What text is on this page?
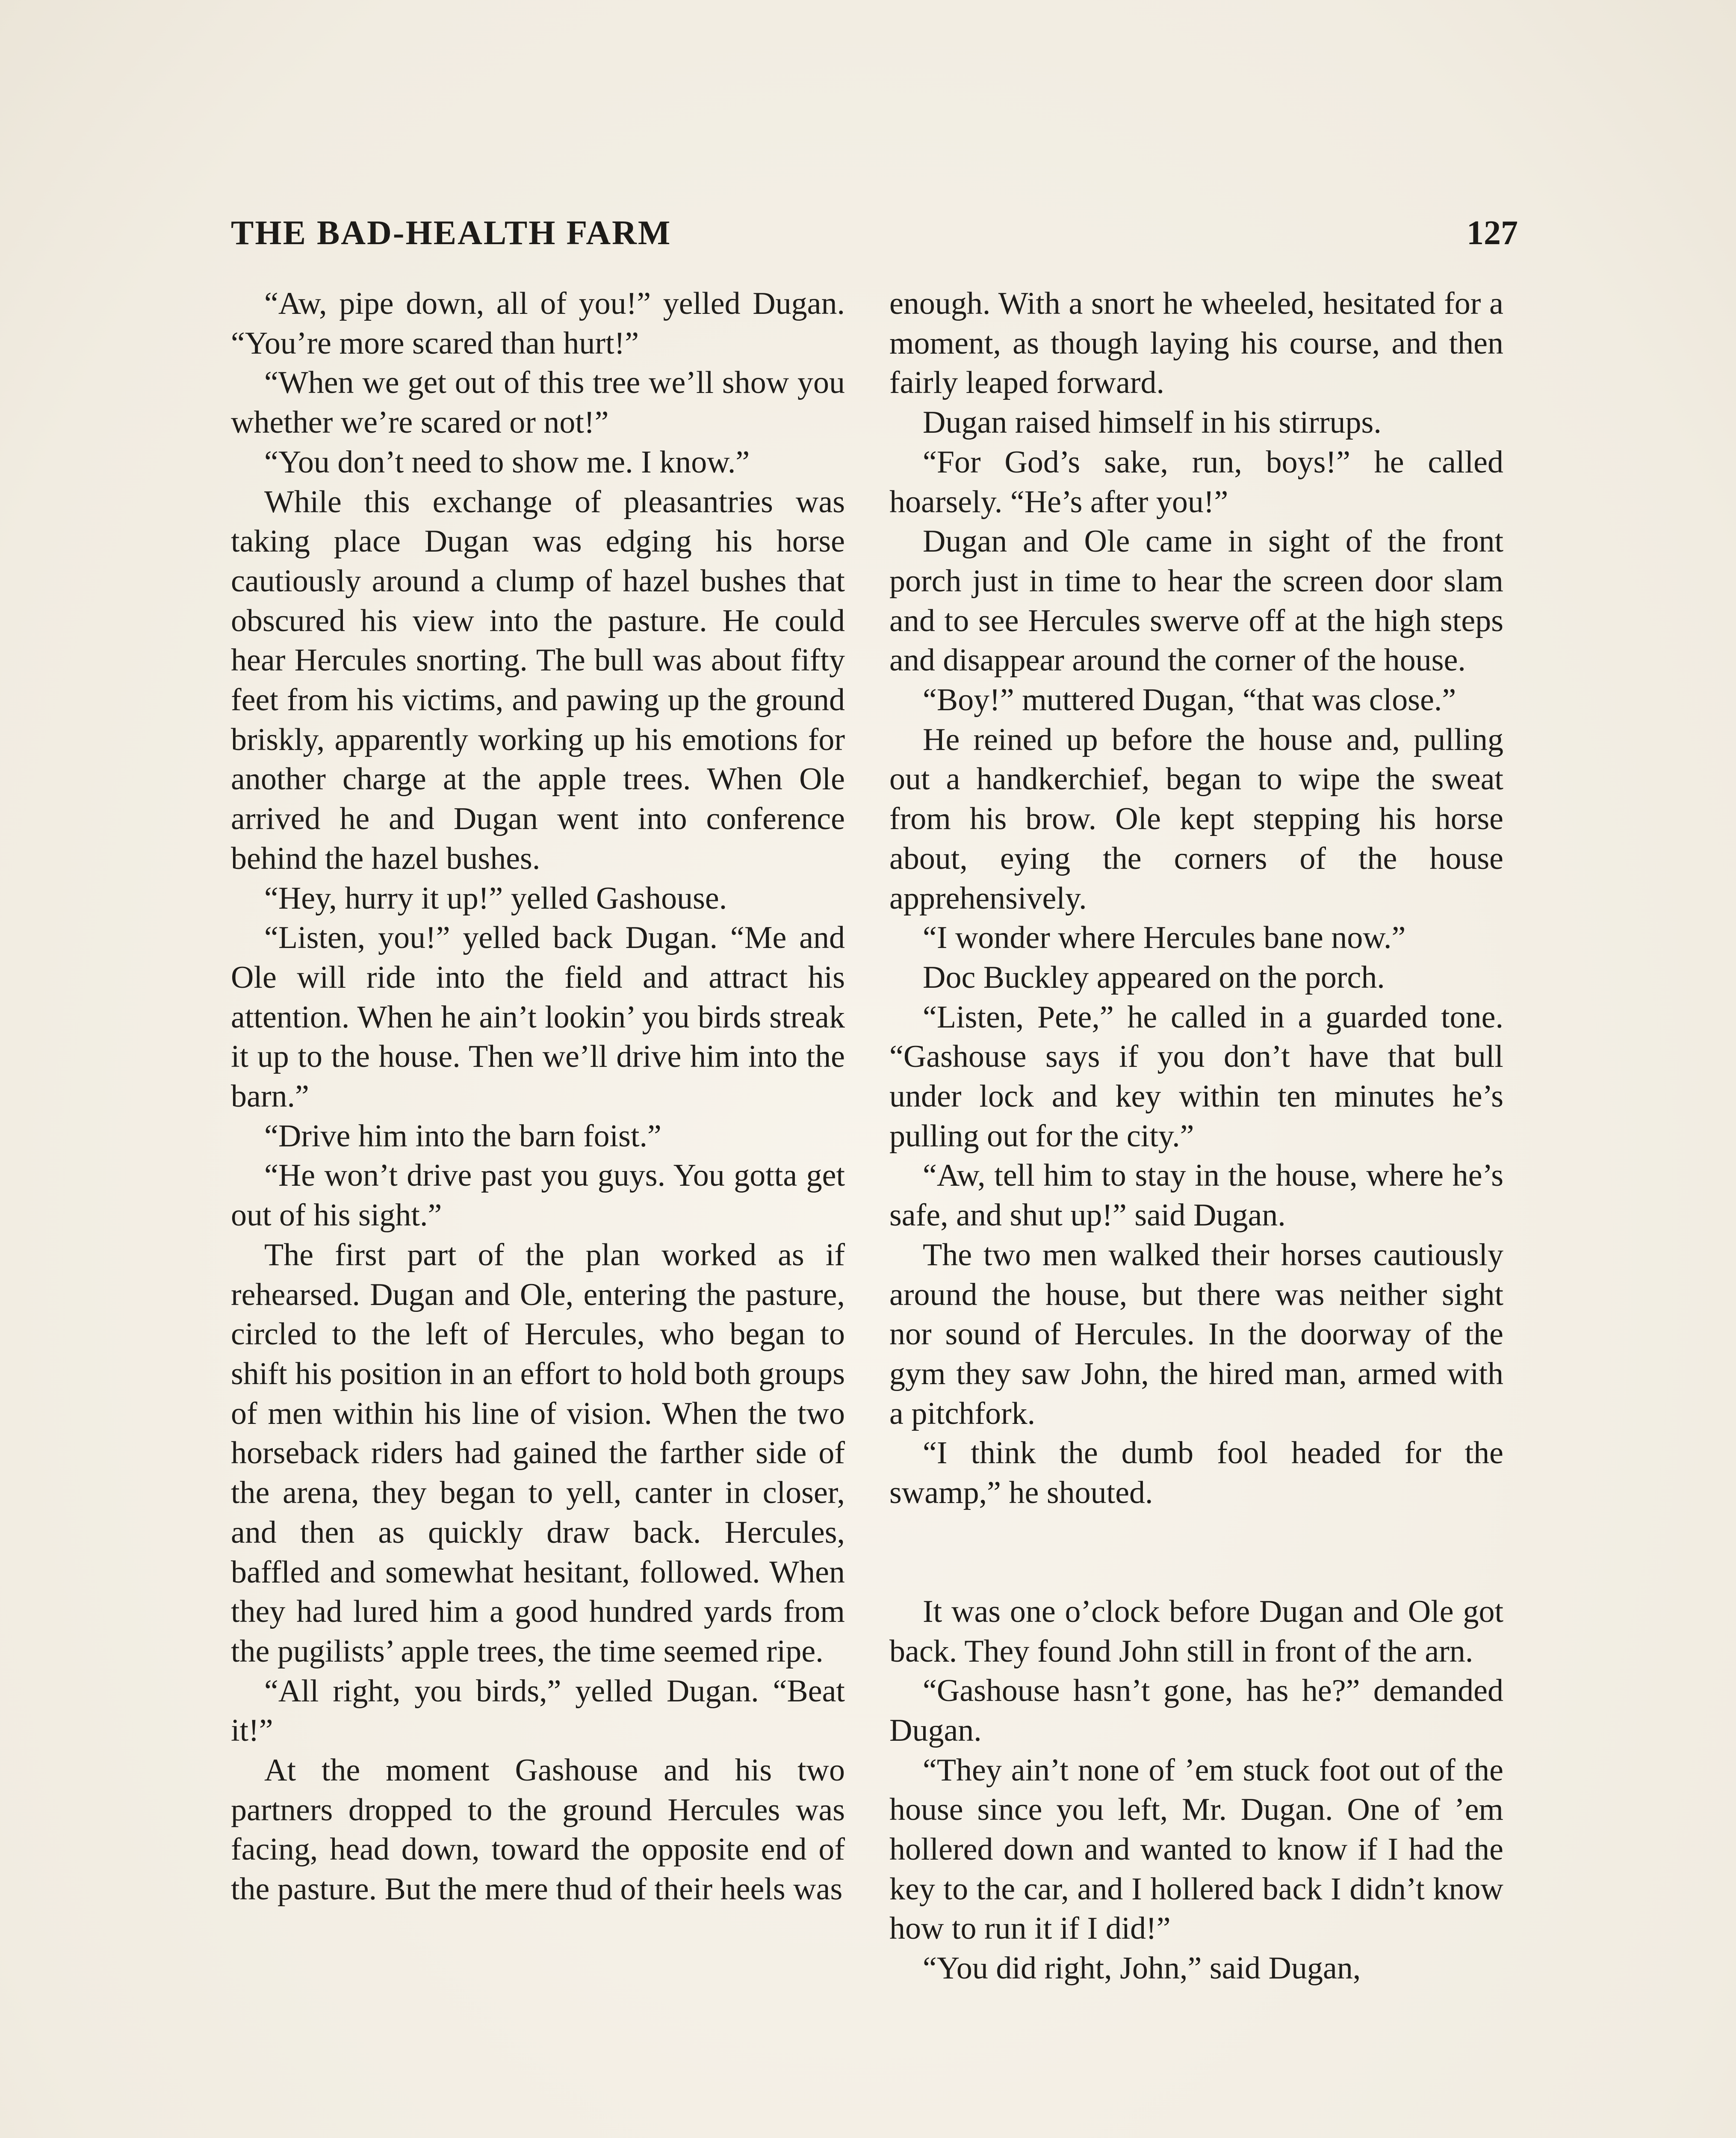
THE BAD-HEALTH FARM	127

“Aw, pipe down, all of you!” yelled Dugan. “You’re more scared than hurt!”

“When we get out of this tree we’ll show you whether we’re scared or not!”

“You don’t need to show me. I know.”

While this exchange of pleasantries was taking place Dugan was edging his horse cautiously around a clump of hazel bushes that obscured his view into the pasture. He could hear Hercules snorting. The bull was about fifty feet from his victims, and pawing up the ground briskly, apparently working up his emotions for another charge at the apple trees. When Ole arrived he and Dugan went into conference behind the hazel bushes.

“Hey, hurry it up!” yelled Gashouse.

“Listen, you!” yelled back Dugan. “Me and Ole will ride into the field and attract his attention. When he ain’t lookin’ you birds streak it up to the house. Then we’ll drive him into the barn.”

“Drive him into the barn foist.”

“He won’t drive past you guys. You gotta get out of his sight.”

The first part of the plan worked as if rehearsed. Dugan and Ole, entering the pasture, circled to the left of Hercules, who began to shift his position in an effort to hold both groups of men within his line of vision. When the two horseback riders had gained the farther side of the arena, they began to yell, canter in closer, and then as quickly draw back. Hercules, baffled and somewhat hesitant, followed. When they had lured him a good hundred yards from the pugilists’ apple trees, the time seemed ripe.

“All right, you birds,” yelled Dugan. “Beat it!”

At the moment Gashouse and his two partners dropped to the ground Hercules was facing, head down, toward the opposite end of the pasture. But the mere thud of their heels was

enough. With a snort he wheeled, hesitated for a moment, as though laying his course, and then fairly leaped forward.

Dugan raised himself in his stirrups.

“For God’s sake, run, boys!” he called hoarsely. “He’s after you!”

Dugan and Ole came in sight of the front porch just in time to hear the screen door slam and to see Hercules swerve off at the high steps and disappear around the corner of the house.

“Boy!” muttered Dugan, “that was close.”

He reined up before the house and, pulling out a handkerchief, began to wipe the sweat from his brow. Ole kept stepping his horse about, eying the corners of the house apprehensively.

“I wonder where Hercules bane now.”

Doc Buckley appeared on the porch.

“Listen, Pete,” he called in a guarded tone. “Gashouse says if you don’t have that bull under lock and key within ten minutes he’s pulling out for the city.”

“Aw, tell him to stay in the house, where he’s safe, and shut up!” said Dugan.

The two men walked their horses cautiously around the house, but there was neither sight nor sound of Hercules. In the doorway of the gym they saw John, the hired man, armed with a pitchfork.

“I think the dumb fool headed for the swamp,” he shouted.

It was one o’clock before Dugan and Ole got back. They found John still in front of the arn.

“Gashouse hasn’t gone, has he?” demanded Dugan.

“They ain’t none of ’em stuck foot out of the house since you left, Mr. Dugan. One of ’em hollered down and wanted to know if I had the key to the car, and I hollered back I didn’t know how to run it if I did!”

“You did right, John,” said Dugan,
